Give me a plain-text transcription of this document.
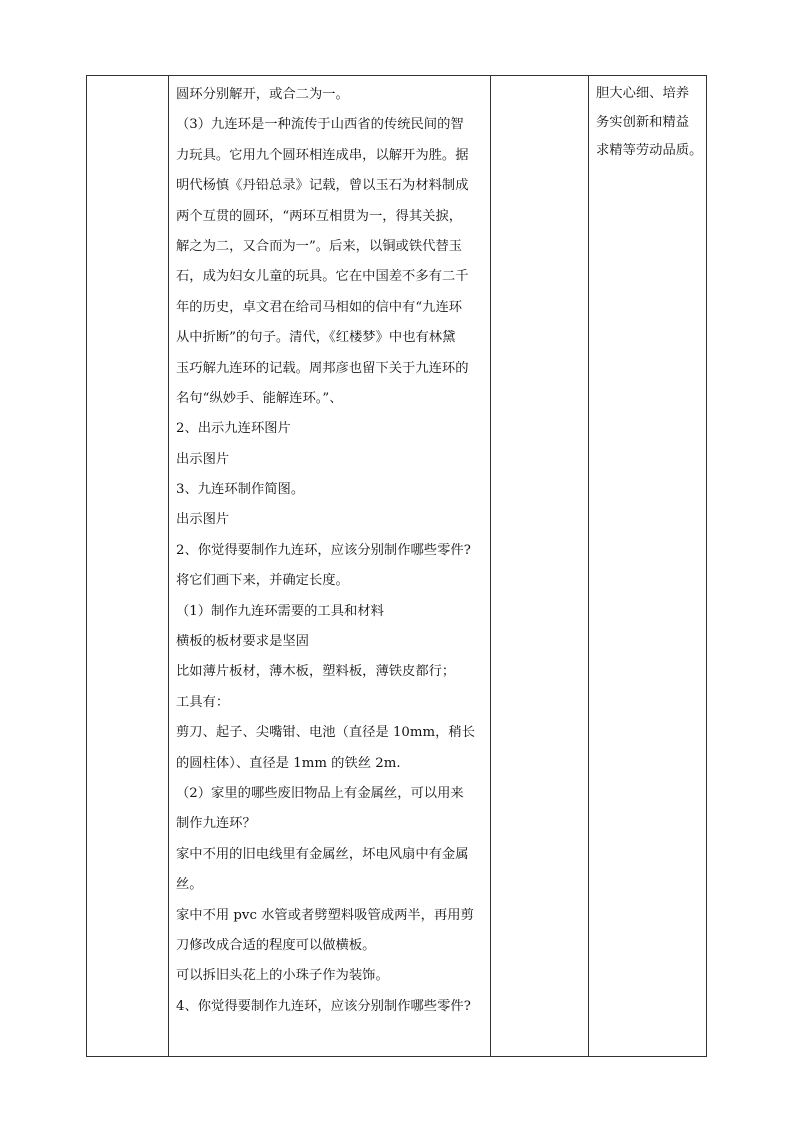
圆环分别解开，或合二为一。
（3）九连环是一种流传于山西省的传统民间的智
力玩具。它用九个圆环相连成串，以解开为胜。据
明代杨慎《丹铅总录》记载，曾以玉石为材料制成
两个互贯的圆环，“两环互相贯为一，得其关捩，
解之为二，又合而为一”。后来，以铜或铁代替玉
石，成为妇女儿童的玩具。它在中国差不多有二千
年的历史，卓文君在给司马相如的信中有“九连环
从中折断”的句子。清代，《红楼梦》中也有林黛
玉巧解九连环的记载。周邦彦也留下关于九连环的
名句“纵妙手、能解连环。”、
2、出示九连环图片
出示图片
3、九连环制作简图。
出示图片
2、你觉得要制作九连环，应该分别制作哪些零件?
将它们画下来，并确定长度。
（1）制作九连环需要的工具和材料
横板的板材要求是坚固
比如薄片板材，薄木板，塑料板，薄铁皮都行；
工具有：
剪刀、起子、尖嘴钳、电池（直径是 10mm，稍长
的圆柱体）、直径是 1mm 的铁丝 2m.
（2）家里的哪些废旧物品上有金属丝，可以用来
制作九连环？
家中不用的旧电线里有金属丝，坏电风扇中有金属
丝。
家中不用 pvc 水管或者劈塑料吸管成两半，再用剪
刀修改成合适的程度可以做横板。
可以拆旧头花上的小珠子作为装饰。
4、你觉得要制作九连环，应该分别制作哪些零件?
胆大心细、培养
务实创新和精益
求精等劳动品质。
